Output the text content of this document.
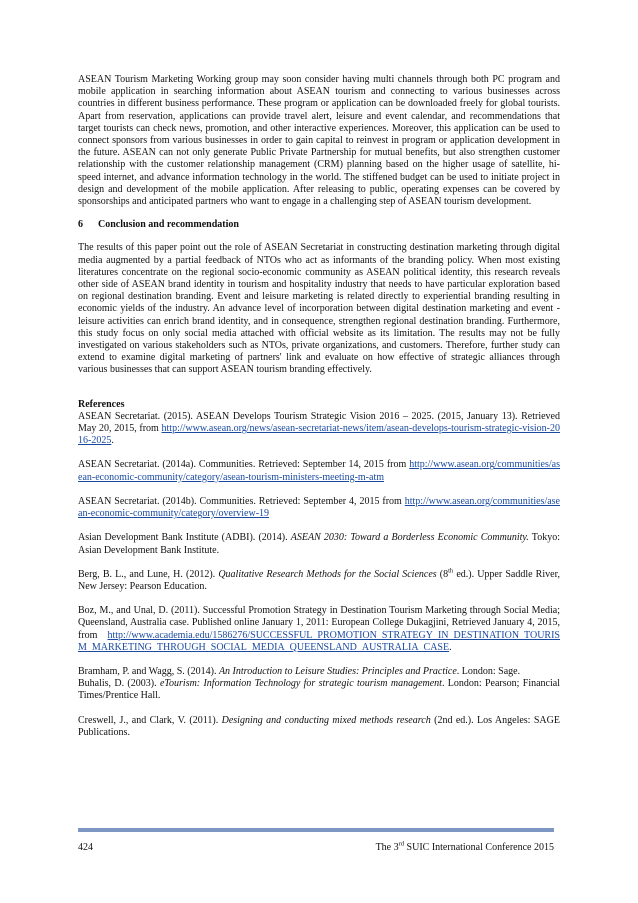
ASEAN Tourism Marketing Working group may soon consider having multi channels through both PC program and mobile application in searching information about ASEAN tourism and connecting to various businesses across countries in different business performance. These program or application can be downloaded freely for global tourists. Apart from reservation, applications can provide travel alert, leisure and event calendar, and recommendations that target tourists can check news, promotion, and other interactive experiences. Moreover, this application can be used to connect sponsors from various businesses in order to gain capital to reinvest in program or application development in the future. ASEAN can not only generate Public Private Partnership for mutual benefits, but also strengthen customer relationship with the customer relationship management (CRM) planning based on the higher usage of satellite, hi-speed internet, and advance information technology in the world. The stiffened budget can be used to initiate project in design and development of the mobile application. After releasing to public, operating expenses can be covered by sponsorships and anticipated partners who want to engage in a challenging step of ASEAN tourism development.

6 Conclusion and recommendation

The results of this paper point out the role of ASEAN Secretariat in constructing destination marketing through digital media augmented by a partial feedback of NTOs who act as informants of the branding policy. When most existing literatures concentrate on the regional socio-economic community as ASEAN political identity, this research reveals other side of ASEAN brand identity in tourism and hospitality industry that needs to have particular exploration based on regional destination branding. Event and leisure marketing is related directly to experiential branding resulting in economic yields of the industry. An advance level of incorporation between digital destination marketing and event - leisure activities can enrich brand identity, and in consequence, strengthen regional destination branding. Furthermore, this study focus on only social media attached with official website as its limitation. The results may not be fully investigated on various stakeholders such as NTOs, private organizations, and customers. Therefore, further study can extend to examine digital marketing of partners' link and evaluate on how effective of strategic alliances through various businesses that can support ASEAN tourism branding effectively.

References

ASEAN Secretariat. (2015). ASEAN Develops Tourism Strategic Vision 2016 – 2025. (2015, January 13). Retrieved May 20, 2015, from http://www.asean.org/news/asean-secretariat-news/item/asean-develops-tourism-strategic-vision-2016-2025.

ASEAN Secretariat. (2014a). Communities. Retrieved: September 14, 2015 from http://www.asean.org/communities/asean-economic-community/category/asean-tourism-ministers-meeting-m-atm

ASEAN Secretariat. (2014b). Communities. Retrieved: September 4, 2015 from http://www.asean.org/communities/asean-economic-community/category/overview-19

Asian Development Bank Institute (ADBI). (2014). ASEAN 2030: Toward a Borderless Economic Community. Tokyo: Asian Development Bank Institute.

Berg, B. L., and Lune, H. (2012). Qualitative Research Methods for the Social Sciences (8th ed.). Upper Saddle River, New Jersey: Pearson Education.

Boz, M., and Unal, D. (2011). Successful Promotion Strategy in Destination Tourism Marketing through Social Media; Queensland, Australia case. Published online January 1, 2011: European College Dukagjini, Retrieved January 4, 2015, from http://www.academia.edu/1586276/SUCCESSFUL_PROMOTION_STRATEGY_IN_DESTINATION_TOURISM_MARKETING_THROUGH_SOCIAL_MEDIA_QUEENSLAND_AUSTRALIA_CASE.

Bramham, P. and Wagg, S. (2014). An Introduction to Leisure Studies: Principles and Practice. London: Sage.

Buhalis, D. (2003). eTourism: Information Technology for strategic tourism management. London: Pearson; Financial Times/Prentice Hall.

Creswell, J., and Clark, V. (2011). Designing and conducting mixed methods research (2nd ed.). Los Angeles: SAGE Publications.

424	The 3rd SUIC International Conference 2015
